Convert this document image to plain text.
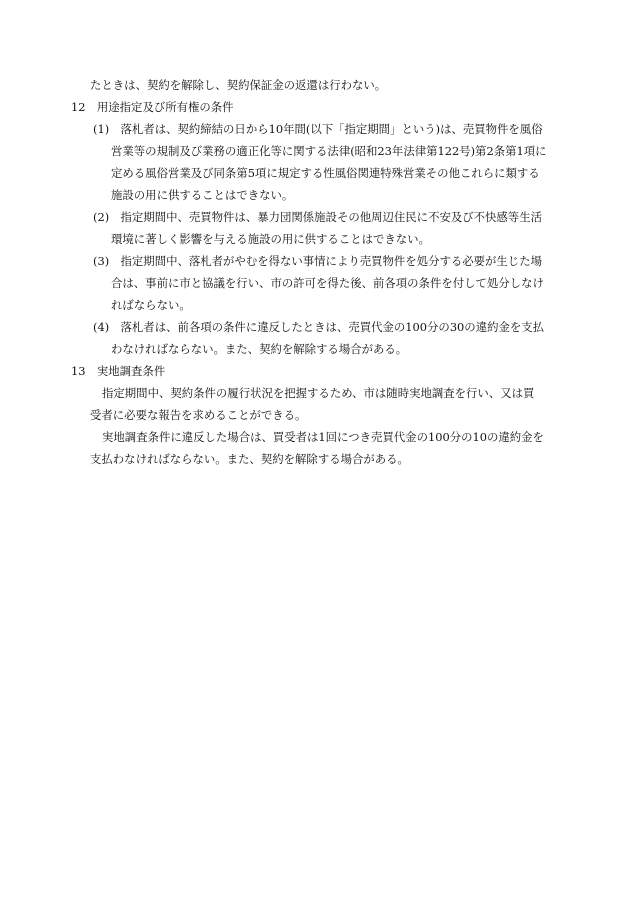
たときは、契約を解除し、契約保証金の返還は行わない。

12　用途指定及び所有権の条件

(1)　落札者は、契約締結の日から10年間(以下「指定期間」という)は、売買物件を風俗

営業等の規制及び業務の適正化等に関する法律(昭和23年法律第122号)第2条第1項に

定める風俗営業及び同条第5項に規定する性風俗関連特殊営業その他これらに類する

施設の用に供することはできない。

(2)　指定期間中、売買物件は、暴力団関係施設その他周辺住民に不安及び不快感等生活

環境に著しく影響を与える施設の用に供することはできない。

(3)　指定期間中、落札者がやむを得ない事情により売買物件を処分する必要が生じた場

合は、事前に市と協議を行い、市の許可を得た後、前各項の条件を付して処分しなけ

ればならない。

(4)　落札者は、前各項の条件に違反したときは、売買代金の100分の30の違約金を支払

わなければならない。また、契約を解除する場合がある。

13　実地調査条件

指定期間中、契約条件の履行状況を把握するため、市は随時実地調査を行い、又は買

受者に必要な報告を求めることができる。

実地調査条件に違反した場合は、買受者は1回につき売買代金の100分の10の違約金を

支払わなければならない。また、契約を解除する場合がある。
